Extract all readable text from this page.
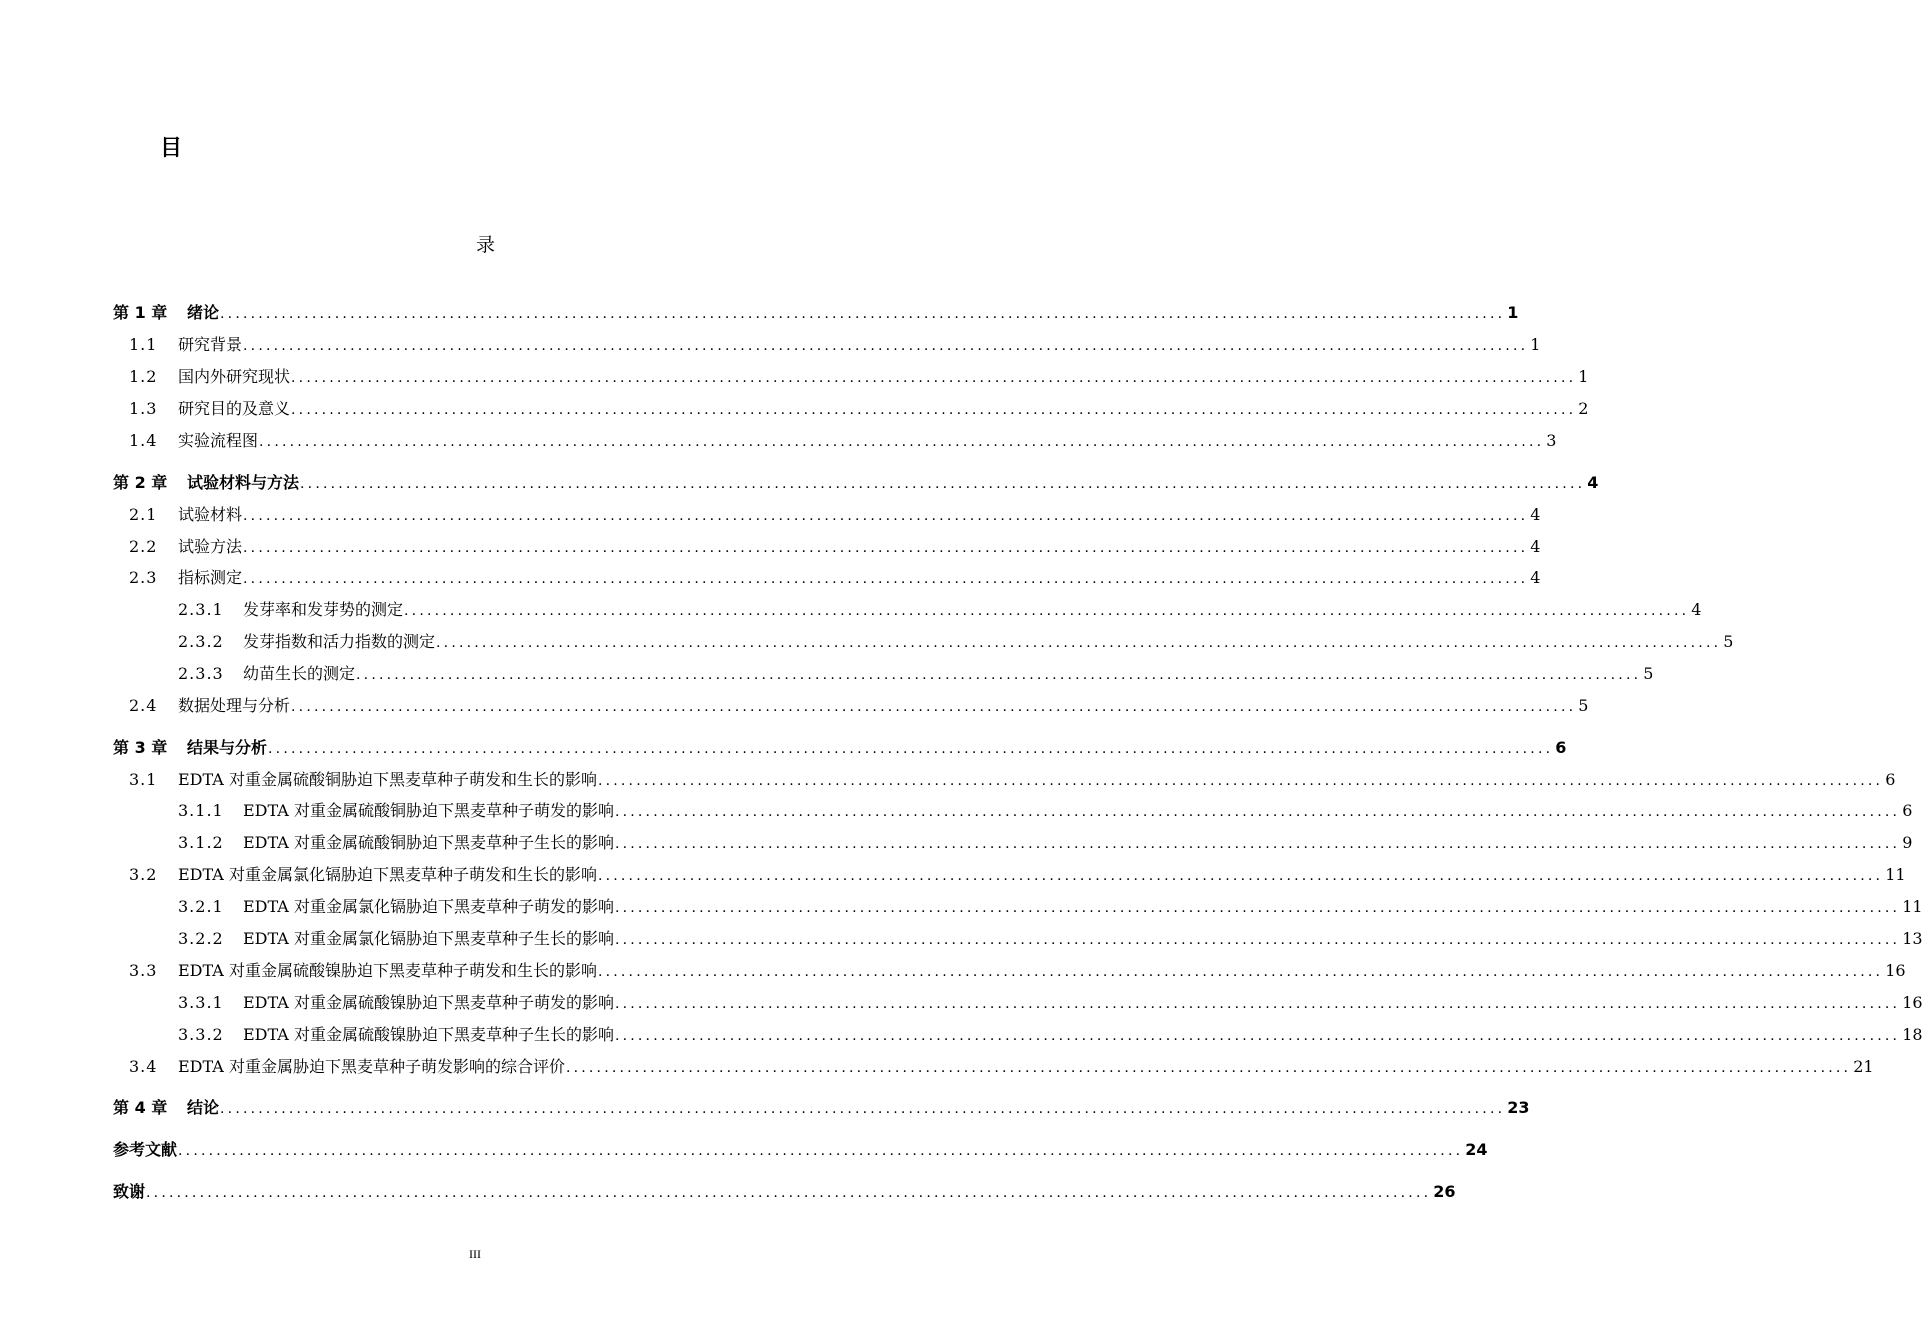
目
录
第 1 章	绪论 ........................................................................................................................................................................ 1
1.1	研究背景 ........................................................................................................................................................................ 1
1.2	国内外研究现状 ........................................................................................................................................................................ 1
1.3	研究目的及意义 ........................................................................................................................................................................ 2
1.4	实验流程图 ........................................................................................................................................................................ 3
第 2 章	试验材料与方法 ........................................................................................................................................................................ 4
2.1	试验材料 ........................................................................................................................................................................ 4
2.2	试验方法 ........................................................................................................................................................................ 4
2.3	指标测定 ........................................................................................................................................................................ 4
2.3.1	发芽率和发芽势的测定 ........................................................................................................................................................................ 4
2.3.2	发芽指数和活力指数的测定 ........................................................................................................................................................................ 5
2.3.3	幼苗生长的测定 ........................................................................................................................................................................ 5
2.4	数据处理与分析 ........................................................................................................................................................................ 5
第 3 章	结果与分析 ........................................................................................................................................................................ 6
3.1	EDTA 对重金属硫酸铜胁迫下黑麦草种子萌发和生长的影响 ........................................................................................................................................................................ 6
3.1.1	EDTA 对重金属硫酸铜胁迫下黑麦草种子萌发的影响 ........................................................................................................................................................................ 6
3.1.2	EDTA 对重金属硫酸铜胁迫下黑麦草种子生长的影响 ........................................................................................................................................................................ 9
3.2	EDTA 对重金属氯化镉胁迫下黑麦草种子萌发和生长的影响 ........................................................................................................................................................................ 11
3.2.1	EDTA 对重金属氯化镉胁迫下黑麦草种子萌发的影响 ........................................................................................................................................................................ 11
3.2.2	EDTA 对重金属氯化镉胁迫下黑麦草种子生长的影响 ........................................................................................................................................................................ 13
3.3	EDTA 对重金属硫酸镍胁迫下黑麦草种子萌发和生长的影响 ........................................................................................................................................................................ 16
3.3.1	EDTA 对重金属硫酸镍胁迫下黑麦草种子萌发的影响 ........................................................................................................................................................................ 16
3.3.2	EDTA 对重金属硫酸镍胁迫下黑麦草种子生长的影响 ........................................................................................................................................................................ 18
3.4	EDTA 对重金属胁迫下黑麦草种子萌发影响的综合评价 ........................................................................................................................................................................ 21
第 4 章	结论 ........................................................................................................................................................................ 23
参考文献 ........................................................................................................................................................................ 24
致谢 ........................................................................................................................................................................ 26
III
